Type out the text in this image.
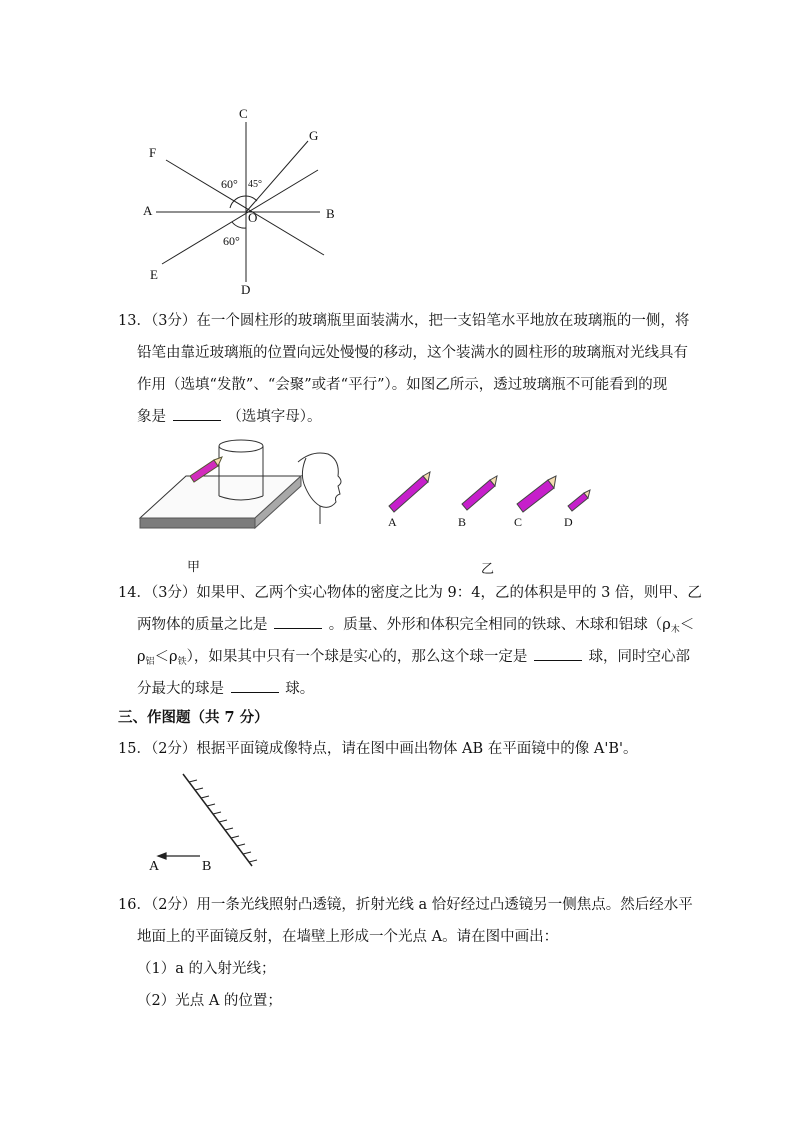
C
G
F
A	O	B
E
D
60° 45°
60°
13．（3分）在一个圆柱形的玻璃瓶里面装满水，把一支铅笔水平地放在玻璃瓶的一侧，将
铅笔由靠近玻璃瓶的位置向远处慢慢的移动，这个装满水的圆柱形的玻璃瓶对光线具有
作用（选填“发散”、“会聚”或者“平行”）。如图乙所示，透过玻璃瓶不可能看到的现
象是	（选填字母）。
A	B	C	D
甲	乙
14．（3分）如果甲、乙两个实心物体的密度之比为 9：4，乙的体积是甲的 3 倍，则甲、乙
两物体的质量之比是	。质量、外形和体积完全相同的铁球、木球和铝球（$\rho_木<$
$\rho_铝<\rho_铁$），如果其中只有一个球是实心的，那么这个球一定是	球，同时空心部
分最大的球是	球。
三、作图题（共 7 分）
15．（2分）根据平面镜成像特点，请在图中画出物体 AB 在平面镜中的像 A'B'。
A	B
16．（2分）用一条光线照射凸透镜，折射光线 a 恰好经过凸透镜另一侧焦点。然后经水平
地面上的平面镜反射，在墙壁上形成一个光点 A。请在图中画出：
（1）a 的入射光线；
（2）光点 A 的位置；
